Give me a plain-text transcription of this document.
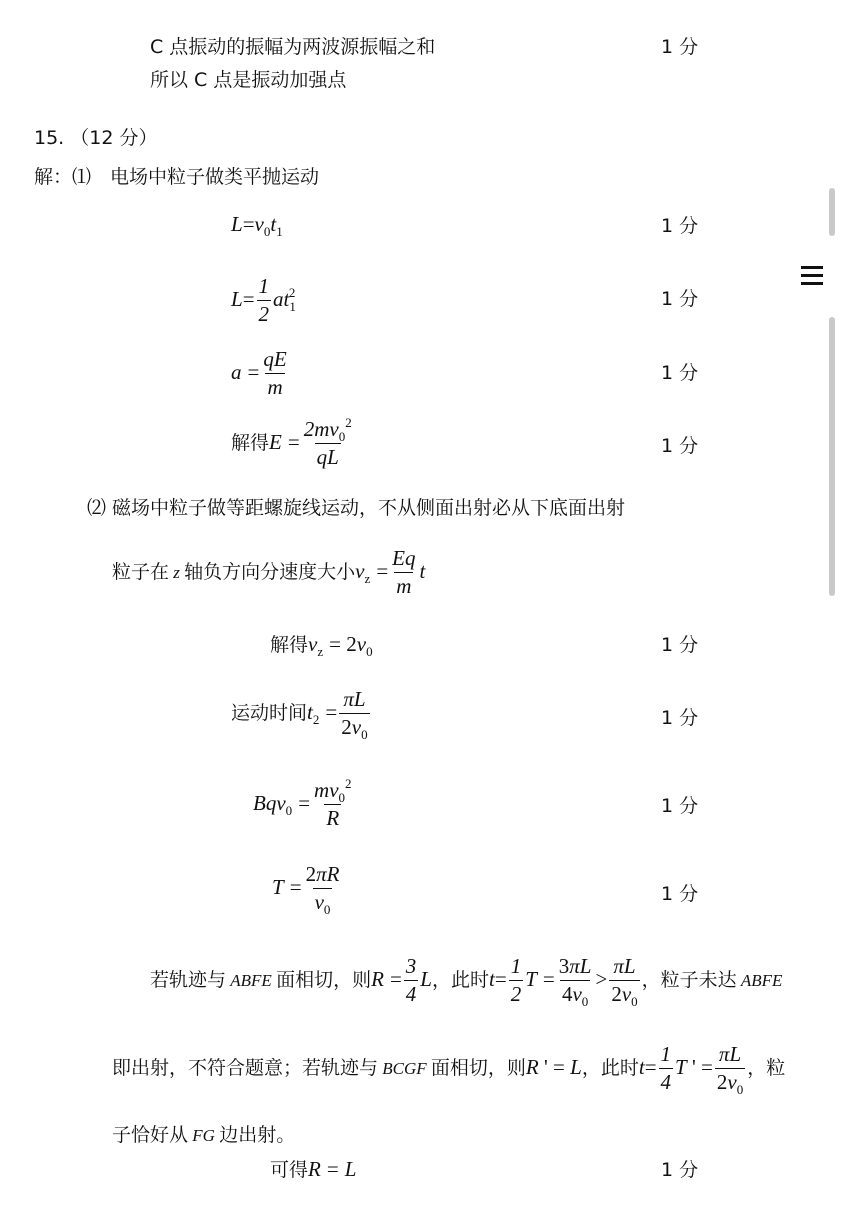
C 点振动的振幅为两波源振幅之和	1 分
所以 C 点是振动加强点
15. （12 分）
解：⑴　电场中粒子做类平抛运动
$L=v_0t_1$	1 分
$L= \frac{1}{2} at_1^2$	1 分
$a = \frac{qE}{m}$	1 分
解得$E = \frac{2mv_0^2}{qL}$	1 分
⑵ 磁场中粒子做等距螺旋线运动，不从侧面出射必从下底面出射
粒子在 z 轴负方向分速度大小$v_z = \frac{Eq}{m}$ t
解得$v_z = 2v_0$	1 分
运动时间$t_2 = \frac{\pi L}{2v_0}$	1 分
$Bqv_0 = \frac{mv_0^2}{R}$	1 分
$T = \frac{2\pi R}{v_0}$	1 分
若轨迹与 ABFE 面相切，则$R = \frac{3}{4}$ L，此时$t= \frac{1}{2}$ $T = \frac{3\pi L}{4v_0} > \frac{\pi L}{2v_0}$ ，粒子未达 ABFE
即出射，不符合题意；若轨迹与 BCGF 面相切，则R ' = L，此时$t= \frac{1}{4}$ T ' = $\frac{\pi L}{2v_0}$ ，粒
子恰好从 FG 边出射。
可得R = L	1 分
